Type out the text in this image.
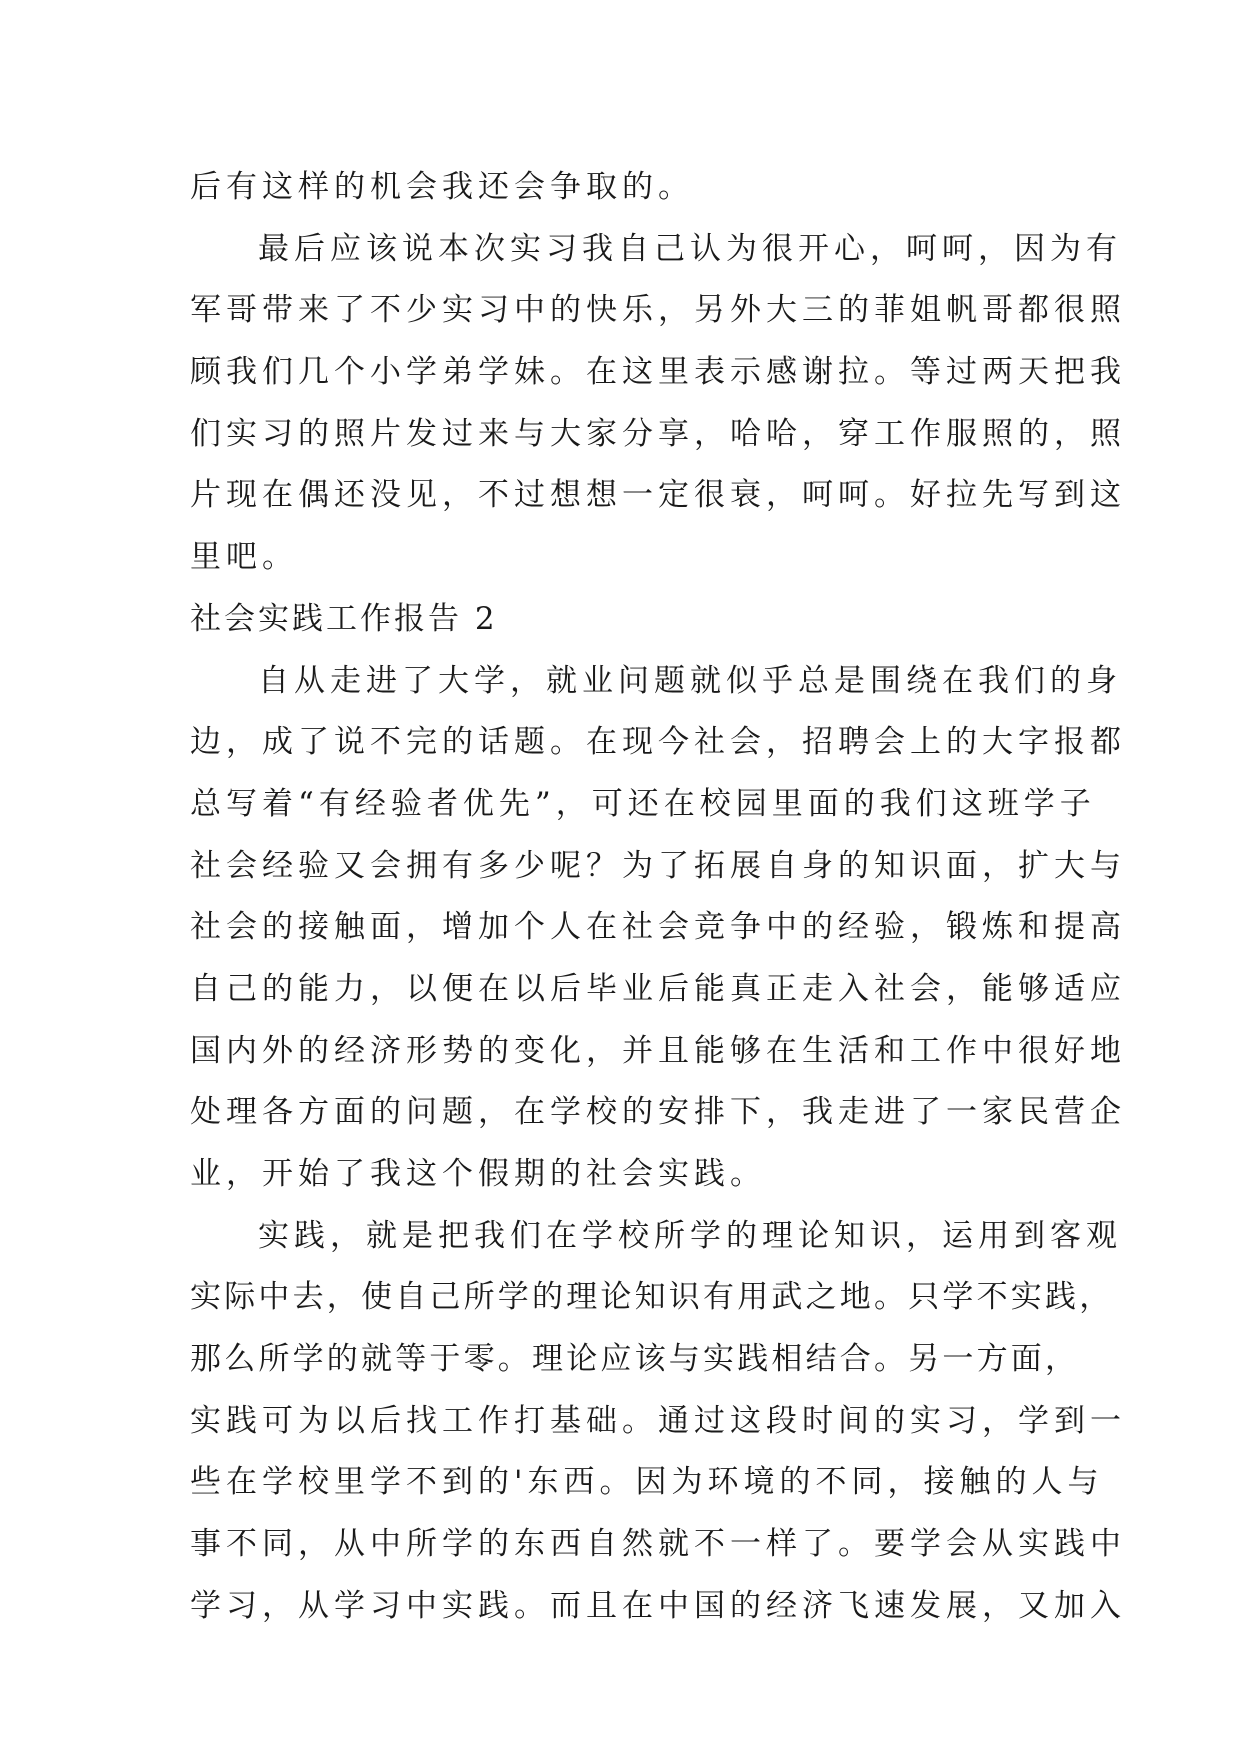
后有这样的机会我还会争取的。
最后应该说本次实习我自己认为很开心，呵呵，因为有
军哥带来了不少实习中的快乐，另外大三的菲姐帆哥都很照
顾我们几个小学弟学妹。在这里表示感谢拉。等过两天把我
们实习的照片发过来与大家分享，哈哈，穿工作服照的，照
片现在偶还没见，不过想想一定很衰，呵呵。好拉先写到这
里吧。
社会实践工作报告 2
自从走进了大学，就业问题就似乎总是围绕在我们的身
边，成了说不完的话题。在现今社会，招聘会上的大字报都
总写着“有经验者优先”，可还在校园里面的我们这班学子
社会经验又会拥有多少呢？为了拓展自身的知识面，扩大与
社会的接触面，增加个人在社会竞争中的经验，锻炼和提高
自己的能力，以便在以后毕业后能真正走入社会，能够适应
国内外的经济形势的变化，并且能够在生活和工作中很好地
处理各方面的问题，在学校的安排下，我走进了一家民营企
业，开始了我这个假期的社会实践。
实践，就是把我们在学校所学的理论知识，运用到客观
实际中去，使自己所学的理论知识有用武之地。只学不实践，
那么所学的就等于零。理论应该与实践相结合。另一方面，
实践可为以后找工作打基础。通过这段时间的实习，学到一
些在学校里学不到的'东西。因为环境的不同，接触的人与
事不同，从中所学的东西自然就不一样了。要学会从实践中
学习，从学习中实践。而且在中国的经济飞速发展，又加入
